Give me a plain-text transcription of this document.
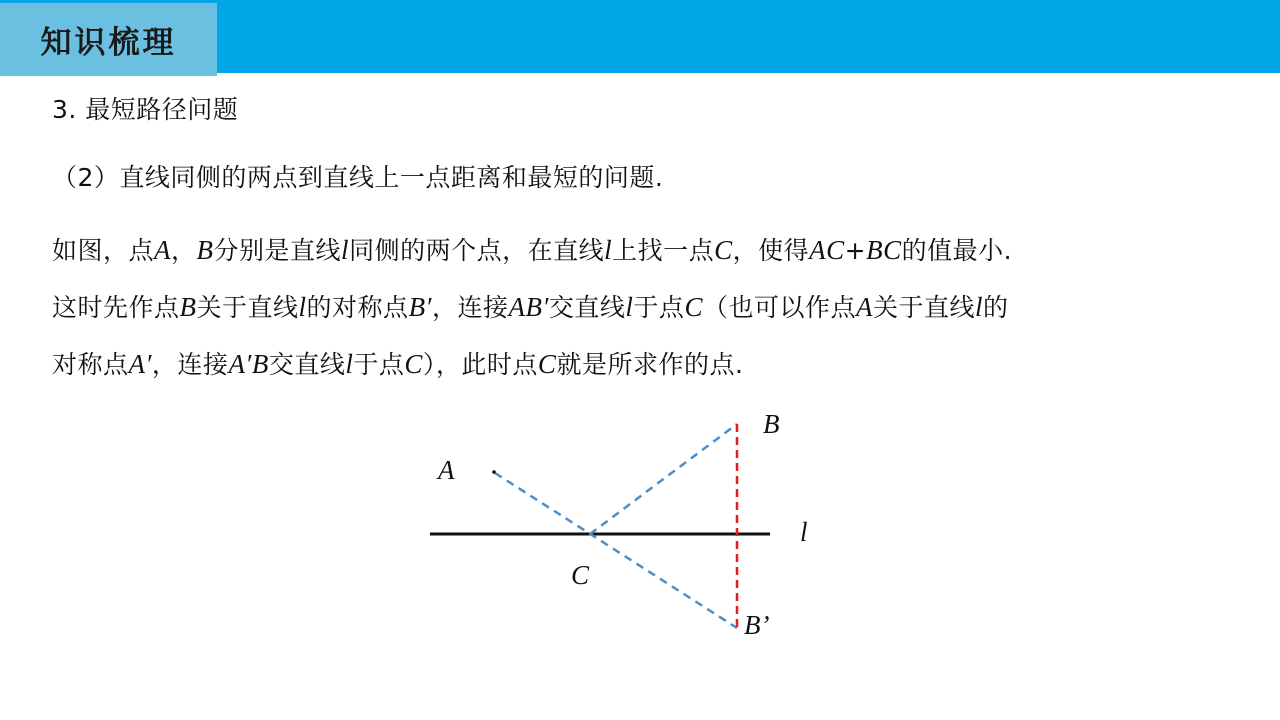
知识梳理
3. 最短路径问题
（2）直线同侧的两点到直线上一点距离和最短的问题.
如图，点A，B分别是直线l同侧的两个点，在直线l上找一点C，使得AC+BC的值最小.
这时先作点B关于直线l的对称点B′，连接AB′交直线l于点C（也可以作点A关于直线l的
对称点A′，连接A′B交直线l于点C），此时点C就是所求作的点.
A
B
B’
C
l
